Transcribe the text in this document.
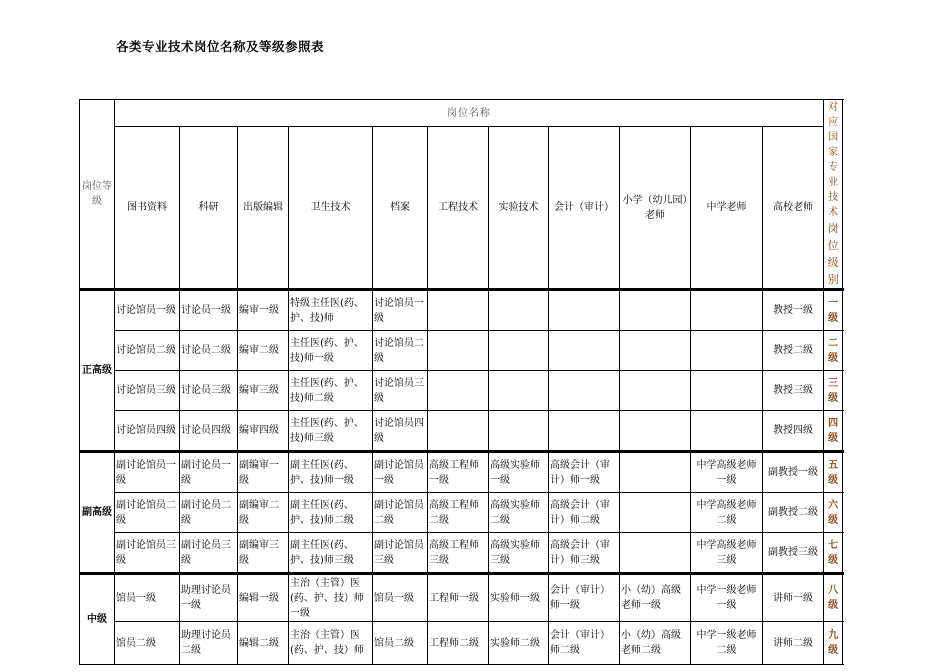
各类专业技术岗位名称及等级参照表
岗位等级	岗位名称											对应国家专业技术
岗位级别

	图书资料	科研	出版编辑	卫生技术	档案	工程技术	实验技术	会计（审计）	小学（幼儿园）老师	中学老师	高校老师	
正高级	讨论馆员一级	讨论员一级	编审一级	特级主任医(药、护、技)师	讨论馆员一级						教授一级	一级
	讨论馆员二级	讨论员二级	编审二级	主任医(药、护、技)师一级	讨论馆员二级						教授二级	二级
	讨论馆员三级	讨论员三级	编审三级	主任医(药、护、技)师二级	讨论馆员三级						教授三级	三级
	讨论馆员四级	讨论员四级	编审四级	主任医(药、护、技)师三级	讨论馆员四级						教授四级	四级
副高级	副讨论馆员一级	副讨论员一级	副编审一级	副主任医(药、护、技)师一级	副讨论馆员一级	高级工程师一级	高级实验师一级	高级会计（审计）师一级		中学高级老师一级	副教授一级	五级
	副讨论馆员二级	副讨论员二级	副编审二级	副主任医(药、护、技)师二级	副讨论馆员二级	高级工程师二级	高级实验师二级	高级会计（审计）师二级		中学高级老师二级	副教授二级	六级
	副讨论馆员三级	副讨论员三级	副编审三级	副主任医(药、护、技)师三级	副讨论馆员三级	高级工程师三级	高级实验师三级	高级会计（审计）师三级		中学高级老师三级	副教授三级	七级
中级	馆员一级	助理讨论员一级	编辑一级	主治（主管）医(药、护、技）师一级	馆员一级	工程师一级	实验师一级	会计（审计）师一级	小（幼）高级老师一级	中学一级老师一级	讲师一级	八级
	馆员二级	助理讨论员二级	编辑二级	主治（主管）医(药、护、技）师	馆员二级	工程师二级	实验师二级	会计（审计）师二级	小（幼）高级老师二级	中学一级老师二级	讲师二级	九级
